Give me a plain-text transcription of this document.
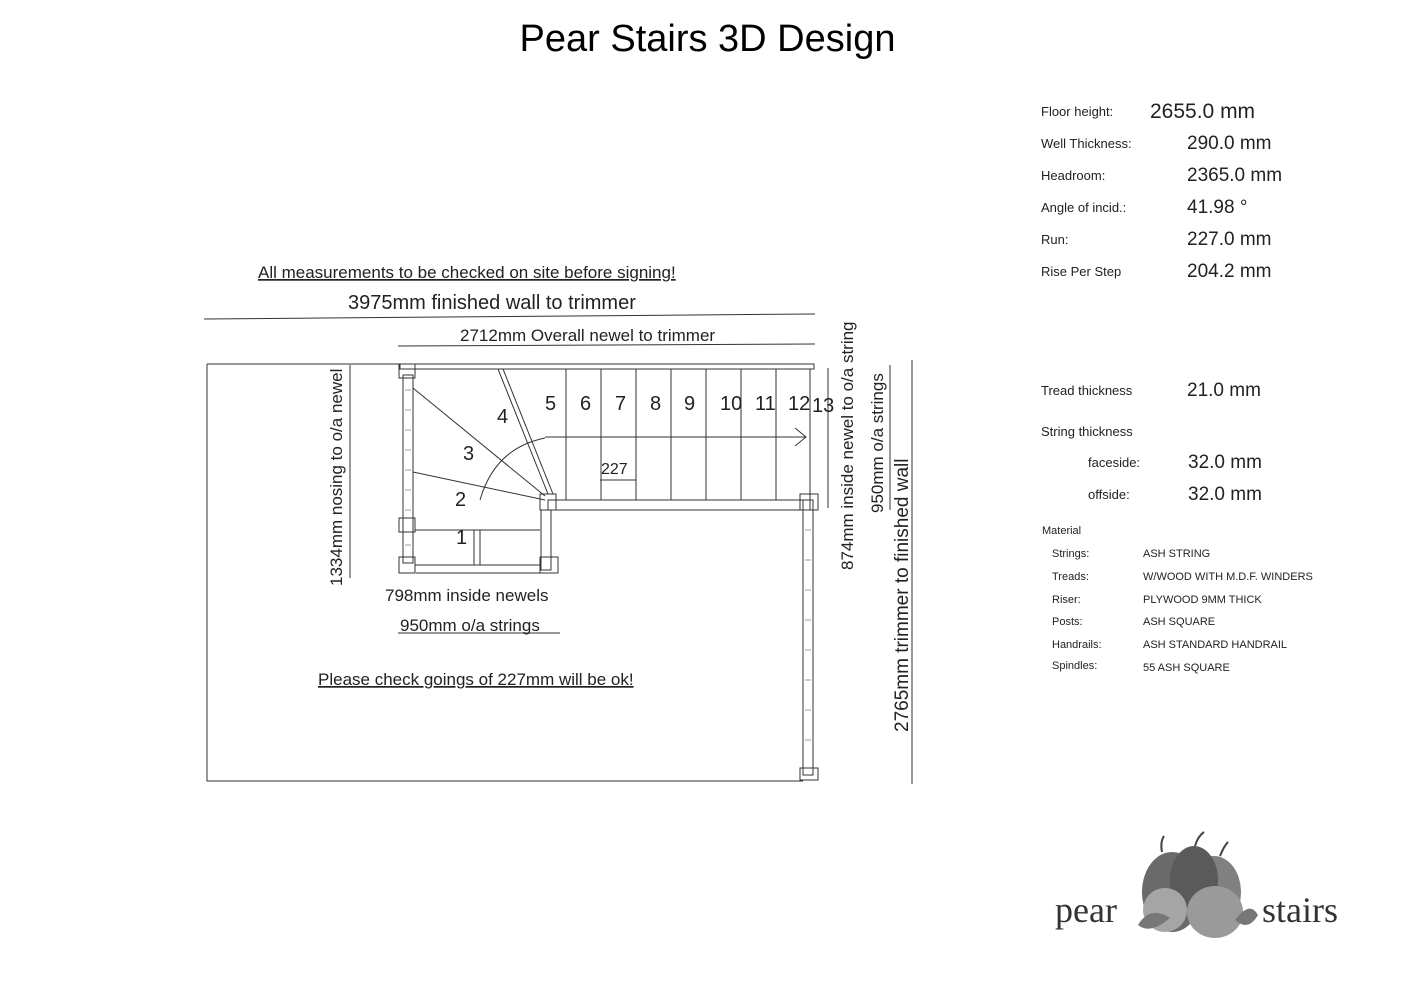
Pear Stairs 3D Design
Floor height: 2655.0 mm
Well Thickness:	290.0 mm
Headroom:	2365.0 mm
Angle of incid.:	41.98 °
Run:	227.0 mm
Rise Per Step	204.2 mm
Tread thickness	21.0 mm
String thickness
faceside:	32.0 mm
offside:	32.0 mm
Material
Strings:	ASH STRING
Treads:	W/WOOD WITH M.D.F. WINDERS
Riser:	PLYWOOD 9MM THICK
Posts:	ASH SQUARE
Handrails:	ASH STANDARD HANDRAIL
Spindles:	55 ASH SQUARE
All measurements to be checked on site before signing!
3975mm finished wall to trimmer
2712mm Overall newel to trimmer
1334mm nosing to o/a newel
798mm inside newels
950mm o/a strings
874mm inside newel to o/a string 950mm o/a strings
2765mm trimmer to finished wall
227
Please check goings of 227mm will be ok!
1
2
3
4
5 6 7 8 9 10 11 12 13
pear	stairs
